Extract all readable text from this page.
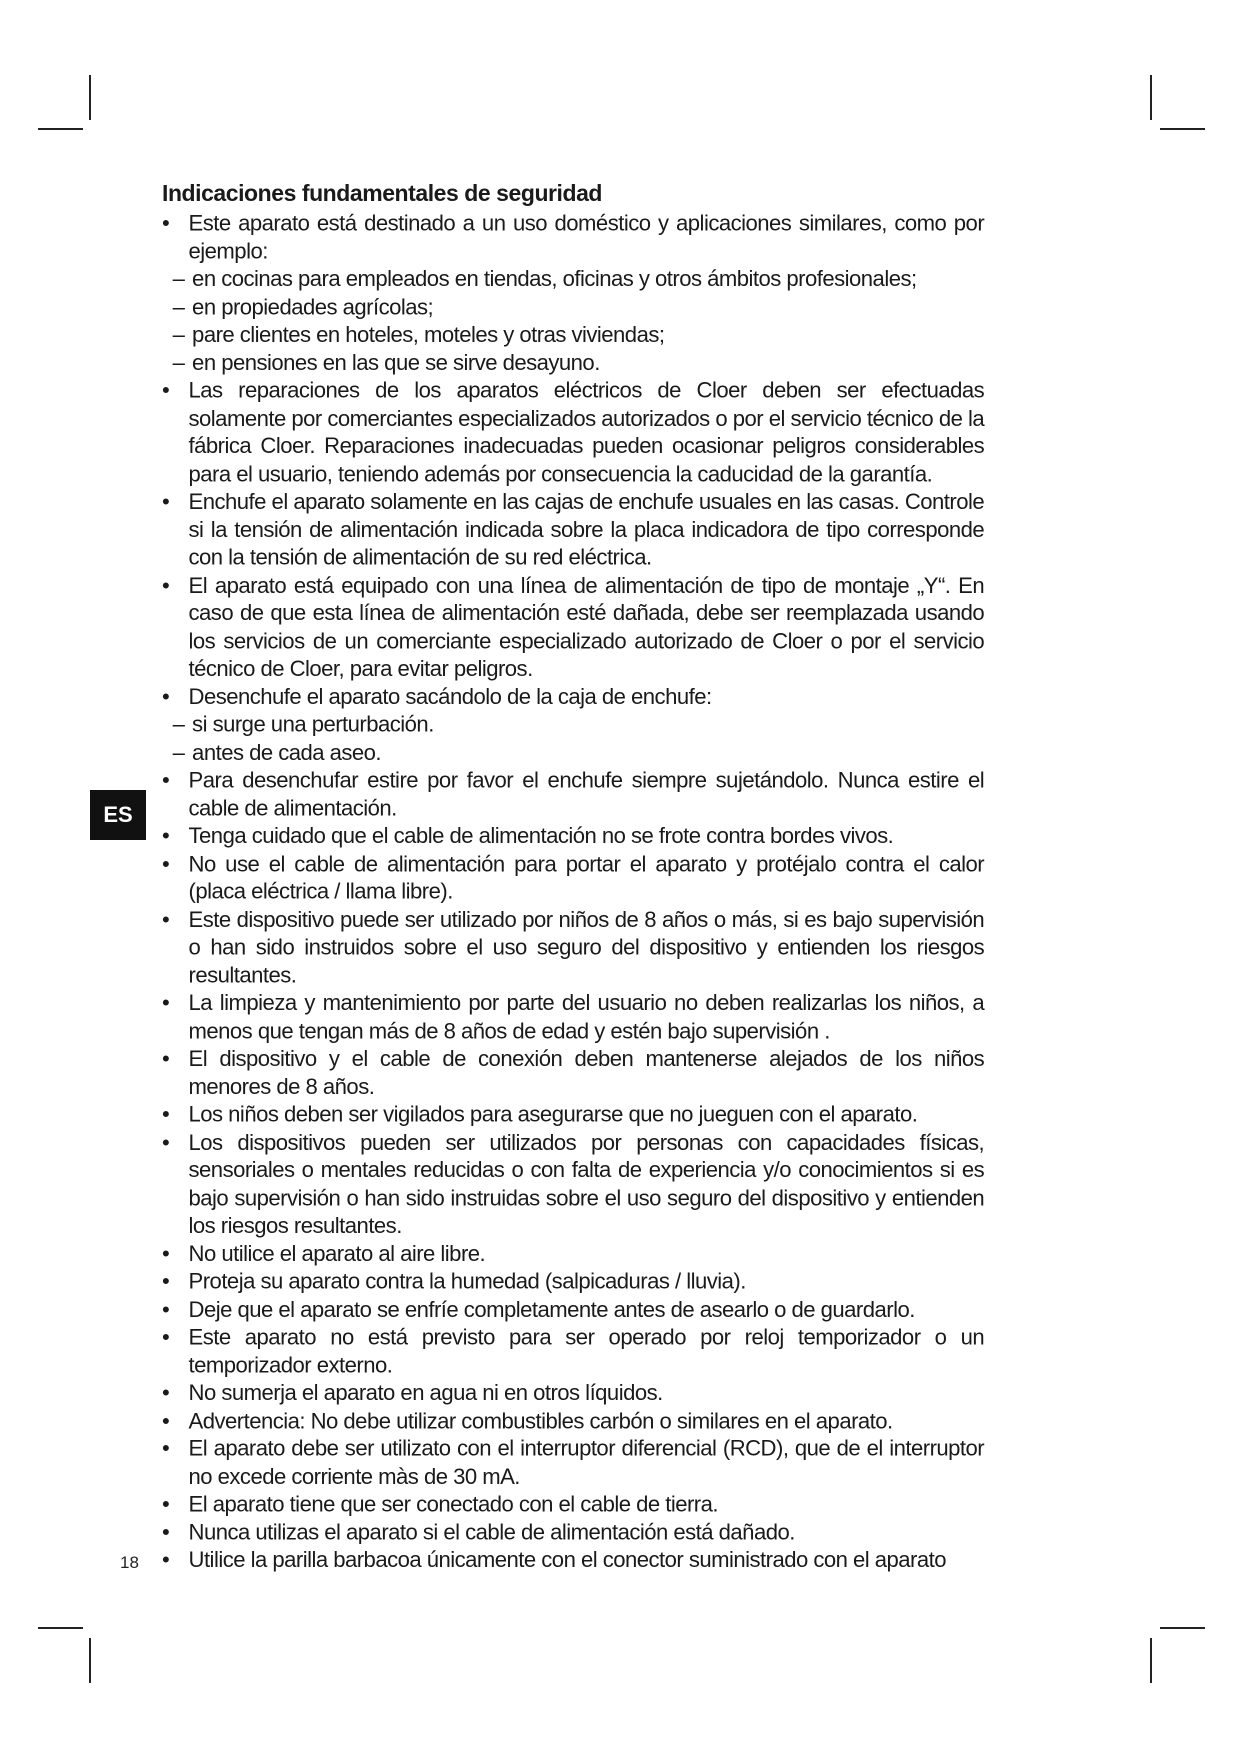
ES
18
Indicaciones fundamentales de seguridad
• Este aparato está destinado a un uso doméstico y aplicaciones similares, como por ejemplo:
– en cocinas para empleados en tiendas, oficinas y otros ámbitos profesionales;
– en propiedades agrícolas;
– pare clientes en hoteles, moteles y otras viviendas;
– en pensiones en las que se sirve desayuno.
• Las reparaciones de los aparatos eléctricos de Cloer deben ser efectuadas solamente por comerciantes especializados autorizados o por el servicio técnico de la fábrica Cloer. Reparaciones inadecuadas pueden ocasionar peligros considerables para el usuario, teniendo además por consecuencia la caducidad de la garantía.
• Enchufe el aparato solamente en las cajas de enchufe usuales en las casas. Controle si la tensión de alimentación indicada sobre la placa indicadora de tipo corresponde con la tensión de alimentación de su red eléctrica.
• El aparato está equipado con una línea de alimentación de tipo de montaje „Y“. En caso de que esta línea de alimentación esté dañada, debe ser reemplazada usando los servicios de un comerciante especializado autorizado de Cloer o por el servicio técnico de Cloer, para evitar peligros.
• Desenchufe el aparato sacándolo de la caja de enchufe:
– si surge una perturbación.
– antes de cada aseo.
• Para desenchufar estire por favor el enchufe siempre sujetándolo. Nunca estire el cable de alimentación.
• Tenga cuidado que el cable de alimentación no se frote contra bordes vivos.
• No use el cable de alimentación para portar el aparato y protéjalo contra el calor (placa eléctrica / llama libre).
• Este dispositivo puede ser utilizado por niños de 8 años o más, si es bajo supervisión o han sido instruidos sobre el uso seguro del dispositivo y entienden los riesgos resultantes.
• La limpieza y mantenimiento por parte del usuario no deben realizarlas los niños, a menos que tengan más de 8 años de edad y estén bajo supervisión .
• El dispositivo y el cable de conexión deben mantenerse alejados de los niños menores de 8 años.
• Los niños deben ser vigilados para asegurarse que no jueguen con el aparato.
• Los dispositivos pueden ser utilizados por personas con capacidades físicas, sensoriales o mentales reducidas o con falta de experiencia y/o conocimientos si es bajo supervisión o han sido instruidas sobre el uso seguro del dispositivo y entienden los riesgos resultantes.
• No utilice el aparato al aire libre.
• Proteja su aparato contra la humedad (salpicaduras / lluvia).
• Deje que el aparato se enfríe completamente antes de asearlo o de guardarlo.
• Este aparato no está previsto para ser operado por reloj temporizador o un temporizador externo.
• No sumerja el aparato en agua ni en otros líquidos.
• Advertencia: No debe utilizar combustibles carbón o similares en el aparato.
• El aparato debe ser utilizato con el interruptor diferencial (RCD), que de el interruptor no excede corriente màs de 30 mA.
• El aparato tiene que ser conectado con el cable de tierra.
• Nunca utilizas el aparato si el cable de alimentación está dañado.
• Utilice la parilla barbacoa únicamente con el conector suministrado con el aparato
